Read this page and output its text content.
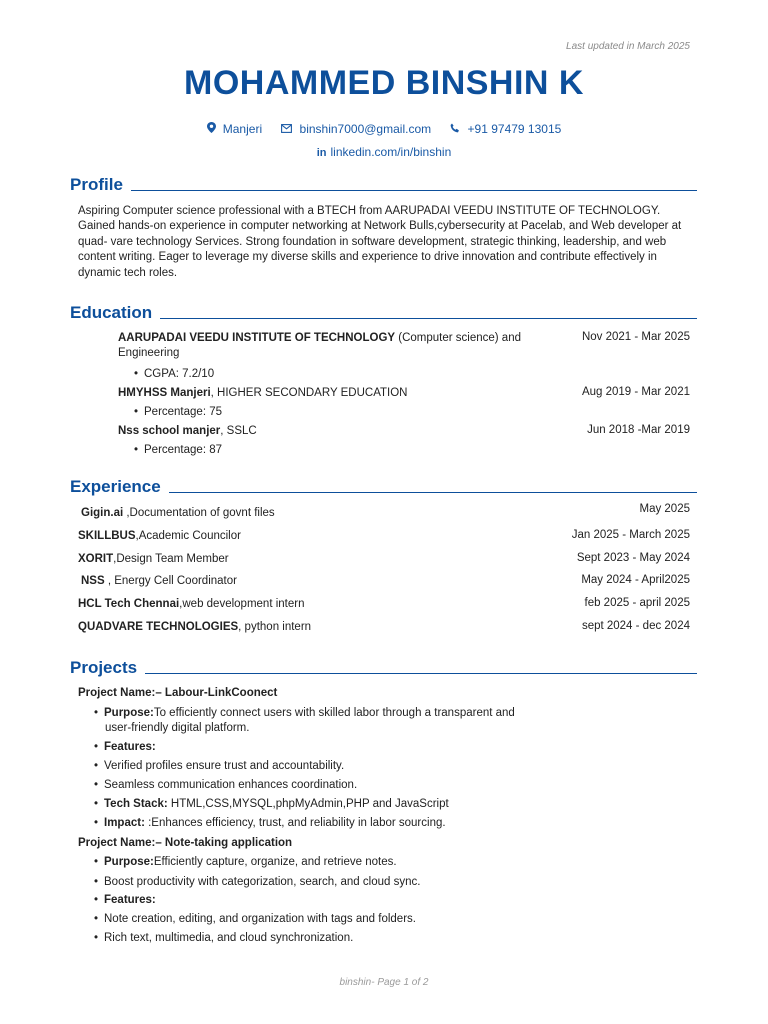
Last updated in March 2025
MOHAMMED BINSHIN K
Manjeri	binshin7000@gmail.com	+91 97479 13015
in linkedin.com/in/binshin
Profile
Aspiring Computer science professional with a BTECH from AARUPADAI VEEDU INSTITUTE OF TECHNOLOGY. Gained hands-on experience in computer networking at Network Bulls,cybersecurity at Pacelab, and Web developer at quad- vare technology Services. Strong foundation in software development, strategic thinking, leadership, and web content writing. Eager to leverage my diverse skills and experience to drive innovation and contribute effectively in dynamic tech roles.
Education
AARUPADAI VEEDU INSTITUTE OF TECHNOLOGY (Computer science) and
Engineering
Nov 2021 - Mar 2025
• CGPA: 7.2/10
HMYHSS Manjeri, HIGHER SECONDARY EDUCATION	Aug 2019 - Mar 2021
• Percentage: 75
Nss school manjer, SSLC	Jun 2018 -Mar 2019
• Percentage: 87
Experience
Gigin.ai ,Documentation of govnt files	May 2025
SKILLBUS,Academic Councilor	Jan 2025 - March 2025
XORIT,Design Team Member	Sept 2023 - May 2024
NSS , Energy Cell Coordinator	May 2024 - April2025
HCL Tech Chennai,web development intern	feb 2025 - april 2025
QUADVARE TECHNOLOGIES, python intern	sept 2024 - dec 2024
Projects
Project Name:– Labour-LinkCoonect
• Purpose:To efficiently connect users with skilled labor through a transparent and
user-friendly digital platform.
• Features:
• Verified profiles ensure trust and accountability.
• Seamless communication enhances coordination.
• Tech Stack: HTML,CSS,MYSQL,phpMyAdmin,PHP and JavaScript
• Impact: :Enhances efficiency, trust, and reliability in labor sourcing.
Project Name:– Note-taking application
• Purpose:Efficiently capture, organize, and retrieve notes.
• Boost productivity with categorization, search, and cloud sync.
• Features:
• Note creation, editing, and organization with tags and folders.
• Rich text, multimedia, and cloud synchronization.
binshin- Page 1 of 2
